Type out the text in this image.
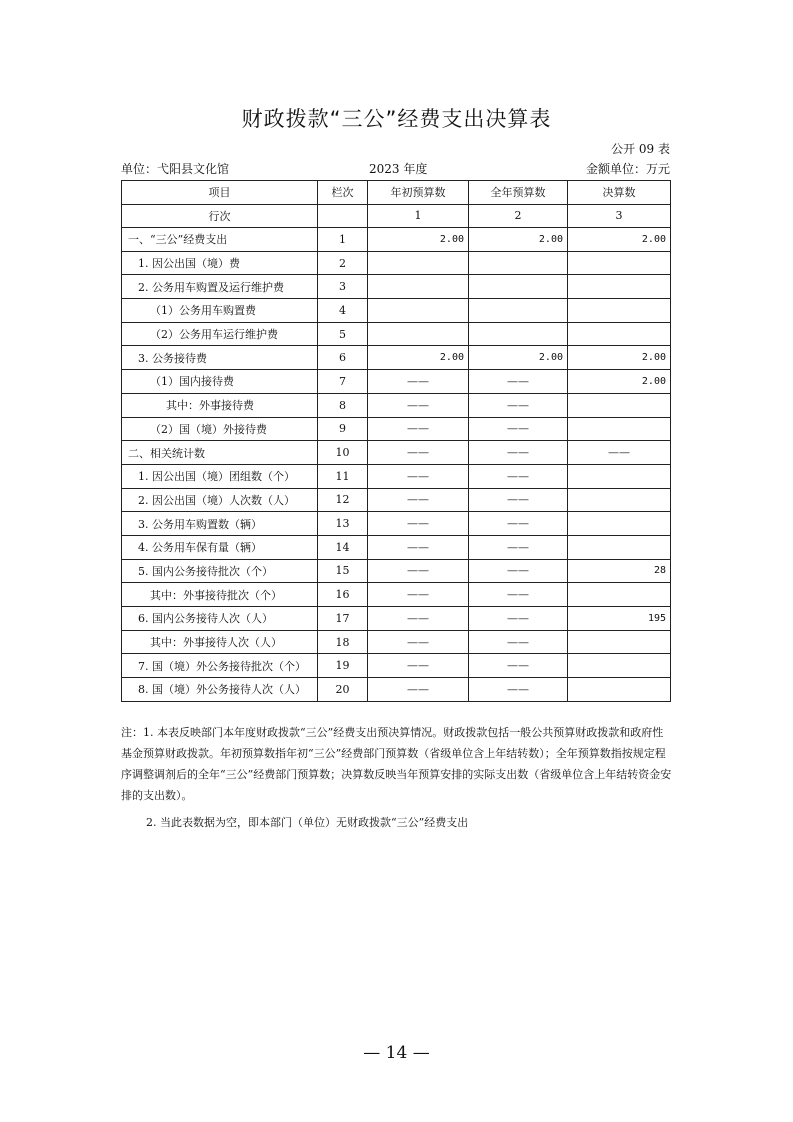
财政拨款“三公”经费支出决算表
公开 09 表
单位：弋阳县文化馆	2023 年度	金额单位：万元
项目	栏次	年初预算数	全年预算数	决算数
行次		1	2	3
一、“三公”经费支出	1	2.00	2.00	2.00
1. 因公出国（境）费	2			
2. 公务用车购置及运行维护费	3			
（1）公务用车购置费	4			
（2）公务用车运行维护费	5			
3. 公务接待费	6	2.00	2.00	2.00
（1）国内接待费	7	——	——	2.00
其中：外事接待费	8	——	——	
（2）国（境）外接待费	9	——	——	
二、相关统计数	10	——	——	——
1. 因公出国（境）团组数（个）	11	——	——	
2. 因公出国（境）人次数（人）	12	——	——	
3. 公务用车购置数（辆）	13	——	——	
4. 公务用车保有量（辆）	14	——	——	
5. 国内公务接待批次（个）	15	——	——	28
其中：外事接待批次（个）	16	——	——	
6. 国内公务接待人次（人）	17	——	——	195
其中：外事接待人次（人）	18	——	——	
7. 国（境）外公务接待批次（个）	19	——	——	
8. 国（境）外公务接待人次（人）	20	——	——	
注：1. 本表反映部门本年度财政拨款“三公”经费支出预决算情况。财政拨款包括一般公共预算财政拨款和政府性基金预算财政拨款。年初预算数指年初“三公”经费部门预算数（省级单位含上年结转数）；全年预算数指按规定程序调整调剂后的全年“三公”经费部门预算数；决算数反映当年预算安排的实际支出数（省级单位含上年结转资金安排的支出数）。
2. 当此表数据为空，即本部门（单位）无财政拨款“三公”经费支出
— 14 —
